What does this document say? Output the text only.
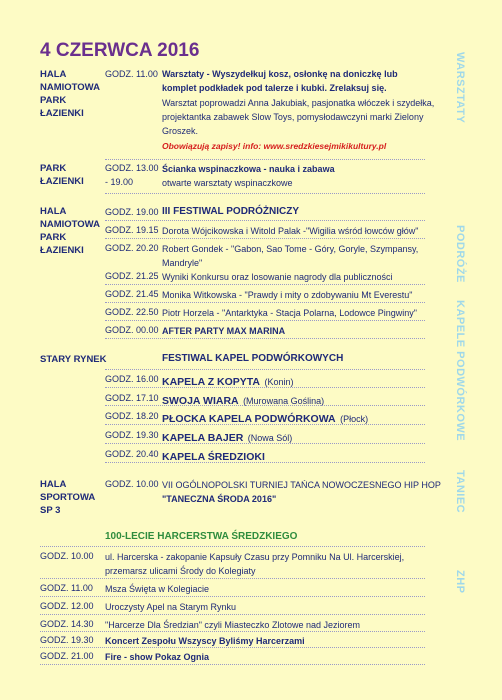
4 CZERWCA 2016
WARSZTATY
PODRÓŻE
KAPELE PODWÓRKOWE
TANIEC
ZHP
HALA NAMIOTOWA PARK ŁAZIENKI
GODZ. 11.00 Warsztaty - Wyszydełkuj kosz, osłonkę na doniczkę lub
komplet podkładek pod talerze i kubki. Zrelaksuj się.
Warsztat poprowadzi Anna Jakubiak, pasjonatka włóczek i szydełka,
projektantka zabawek Slow Toys, pomysłodawczyni marki Zielony
Groszek.
Obowiązują zapisy! info: www.sredzkiesejmikikultury.pl
PARK ŁAZIENKI
GODZ. 13.00
- 19.00
Ścianka wspinaczkowa - nauka i zabawa
otwarte warsztaty wspinaczkowe
HALA NAMIOTOWA PARK ŁAZIENKI
GODZ. 19.00 III FESTIWAL PODRÓŻNICZY
GODZ. 19.15 Dorota Wójcikowska i Witold Palak -"Wigilia wśród łowców głów"
GODZ. 20.20 Robert Gondek - "Gabon, Sao Tome - Góry, Goryle, Szympansy,
Mandryle"
GODZ. 21.25 Wyniki Konkursu oraz losowanie nagrody dla publiczności
GODZ. 21.45 Monika Witkowska - "Prawdy i mity o zdobywaniu Mt Everestu"
GODZ. 22.50 Piotr Horzela - "Antarktyka - Stacja Polarna, Lodowce Pingwiny"
GODZ. 00.00 AFTER PARTY MAX MARINA
STARY RYNEK	FESTIWAL KAPEL PODWÓRKOWYCH
GODZ. 16.00 KAPELA Z KOPYTA (Konin)
GODZ. 17.10 SWOJA WIARA (Murowana Goślina)
GODZ. 18.20 PŁOCKA KAPELA PODWÓRKOWA (Płock)
GODZ. 19.30 KAPELA BAJER (Nowa Sól)
GODZ. 20.40 KAPELA ŚREDZIOKI
HALA SPORTOWA SP 3
GODZ. 10.00 VII OGÓLNOPOLSKI TURNIEJ TAŃCA NOWOCZESNEGO HIP HOP
"TANECZNA ŚRODA 2016"
100-LECIE HARCERSTWA ŚREDZKIEGO
GODZ. 10.00 ul. Harcerska - zakopanie Kapsuły Czasu przy Pomniku Na Ul. Harcerskiej,
przemarsz ulicami Środy do Kolegiaty
GODZ. 11.00 Msza Święta w Kolegiacie
GODZ. 12.00 Uroczysty Apel na Starym Rynku
GODZ. 14.30 "Harcerze Dla Średzian" czyli Miasteczko Zlotowe nad Jeziorem
GODZ. 19.30 Koncert Zespołu Wszyscy Byliśmy Harcerzami
GODZ. 21.00 Fire - show Pokaz Ognia
